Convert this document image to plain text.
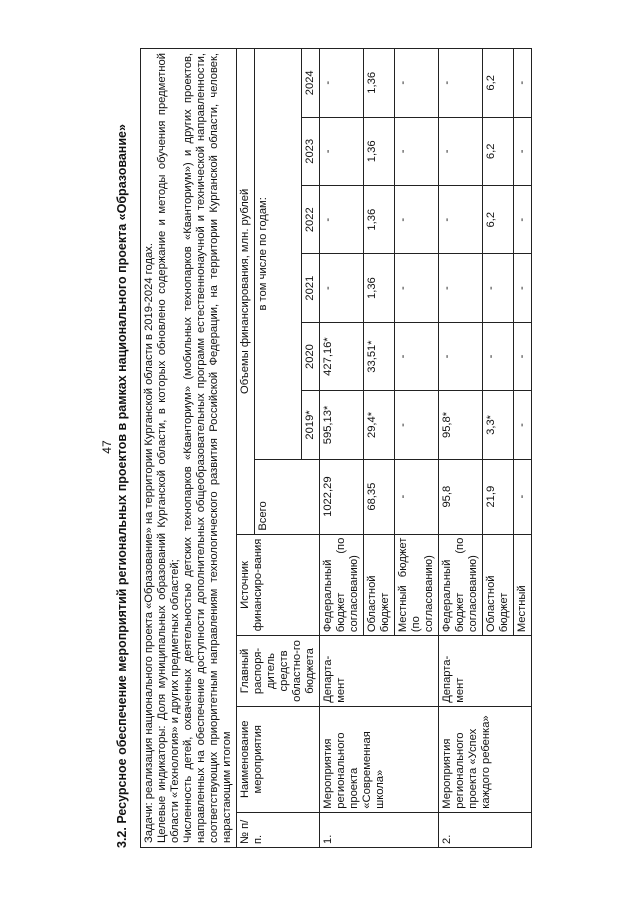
47 3.2. Ресурсное обеспечение мероприятий региональных проектов в рамках национального проекта «Образование» Задачи: реализация национального проекта «Образование» на территории Курганской области в 2019-2024 годах. Целевые индикаторы: Доля муниципальных образований Курганской области, в которых обновлено содержание и методы обучения предметной области «Технология» и других предметных областей; Численность детей, охваченных деятельностью детских технопарков «Кванториум» (мобильных технопарков «Кванториум») и других проектов, направленных на обеспечение доступности дополнительных общеобразовательных программ естественнонаучной и технической направленности, соответствующих приоритетным направлениям технологического развития Российской Федерации, на территории Курганской области, человек, нарастающим итогом										

№ п/п.	Наименование мероприятия	Главный распоря-дитель средств областно-го бюджета	Источник финансиро-вания	Объемы финансирования, млн. рублей						
				Всего	в том числе по годам:					
					2019*	2020	2021	2022	2023	2024
1.	Мероприятия регионального проекта «Современная школа»	Департа-мент	Федеральный бюджет (по согласованию)	1022,29	595,13*	427,16*	-	-	-	-
			Областной бюджет	68,35	29,4*	33,51*	1,36	1,36	1,36	1,36
			Местный бюджет (по согласованию)	-	-	-	-	-	-	-
2.	Мероприятия регионального проекта «Успех каждого ребенка»	Департа-мент	Федеральный бюджет (по согласованию)	95,8	95,8*	-	-	-	-	-
			Областной бюджет	21,9	3,3*	-	-	6,2	6,2	6,2
			Местный	-	-	-	-	-	-	-
